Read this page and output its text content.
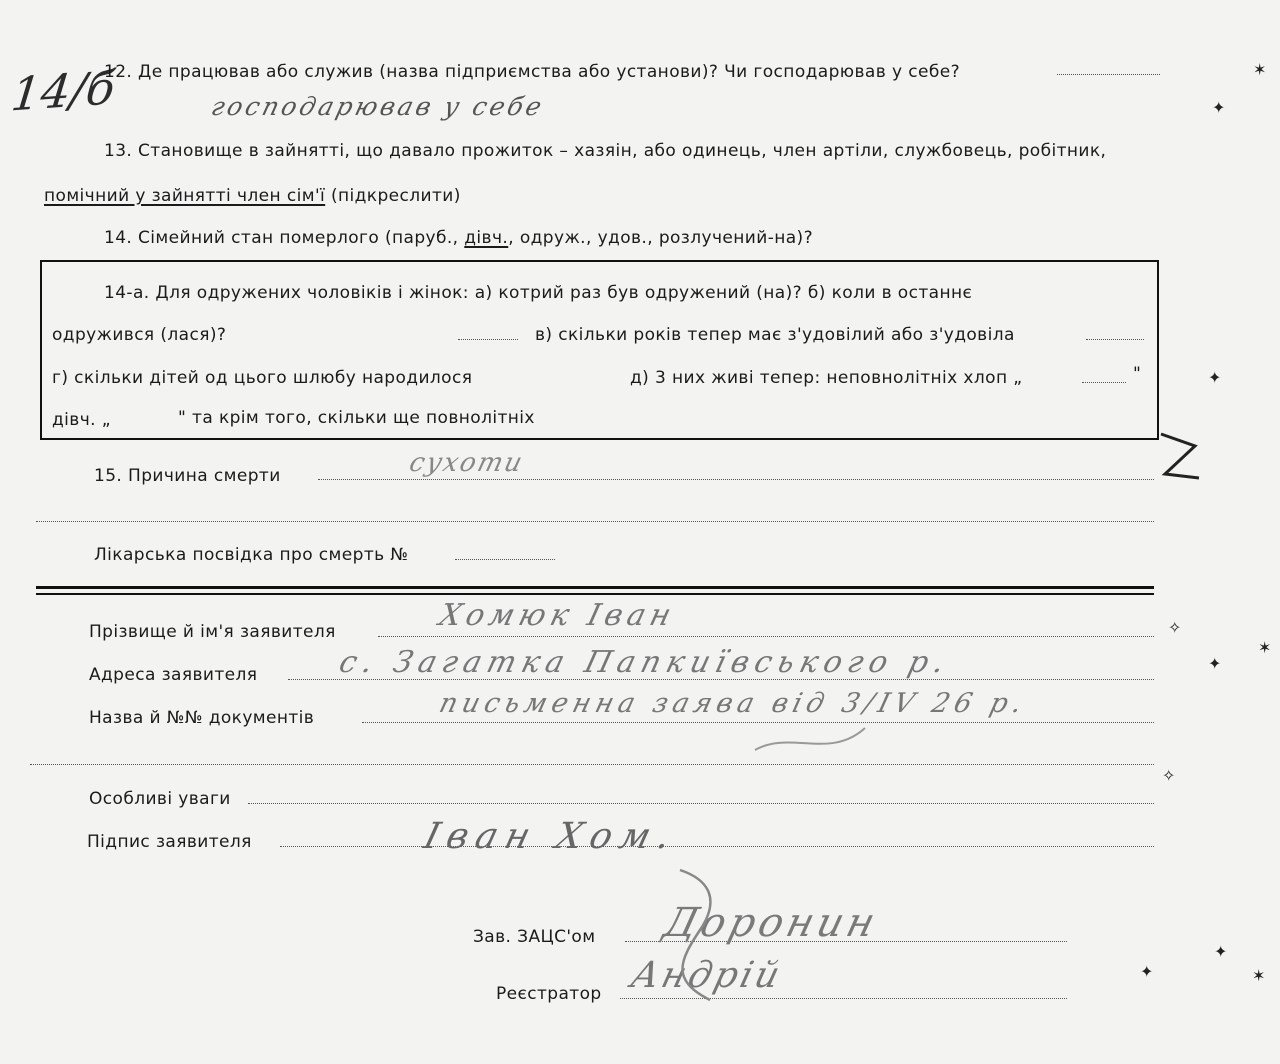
14/б
12. Де працював або служив (назва підприємства або установи)? Чи господарював у себе?
господарював у себе
13. Становище в зайнятті, що давало прожиток – хазяін, або одинець, член артіли, службовець, робітник,
помічний у зайнятті член сім'ї (підкреслити)
14. Сімейний стан померлого (паруб., дівч., одруж., удов., розлучений-на)?
14-а. Для одружених чоловіків і жінок: а) котрий раз був одружений (на)? б) коли в останнє
одружився (лася)?	в) скільки років тепер має з'удовілий або з'удовіла
г) скільки дітей од цього шлюбу народилося	д) 3 них живі тепер: неповнолітніх хлоп „	"
дівч. „	" та крім того, скільки ще повнолітніх
15. Причина смерти	сухоти
Лікарська посвідка про смерть №
Прізвище й ім'я заявителя	Хомюк Іван
Адреса заявителя	с. Загатка Папкиївського р.
Назва й №№ документів	письменна заява від 3/IV 26 р.
Особливі уваги
Підпис заявителя	Іван Хом.
Зав. ЗАЦС'ом Доронин
Реєстратор Андрій
✶
✦
✦
✧
✦
✶
✧
✦
✦	✶
